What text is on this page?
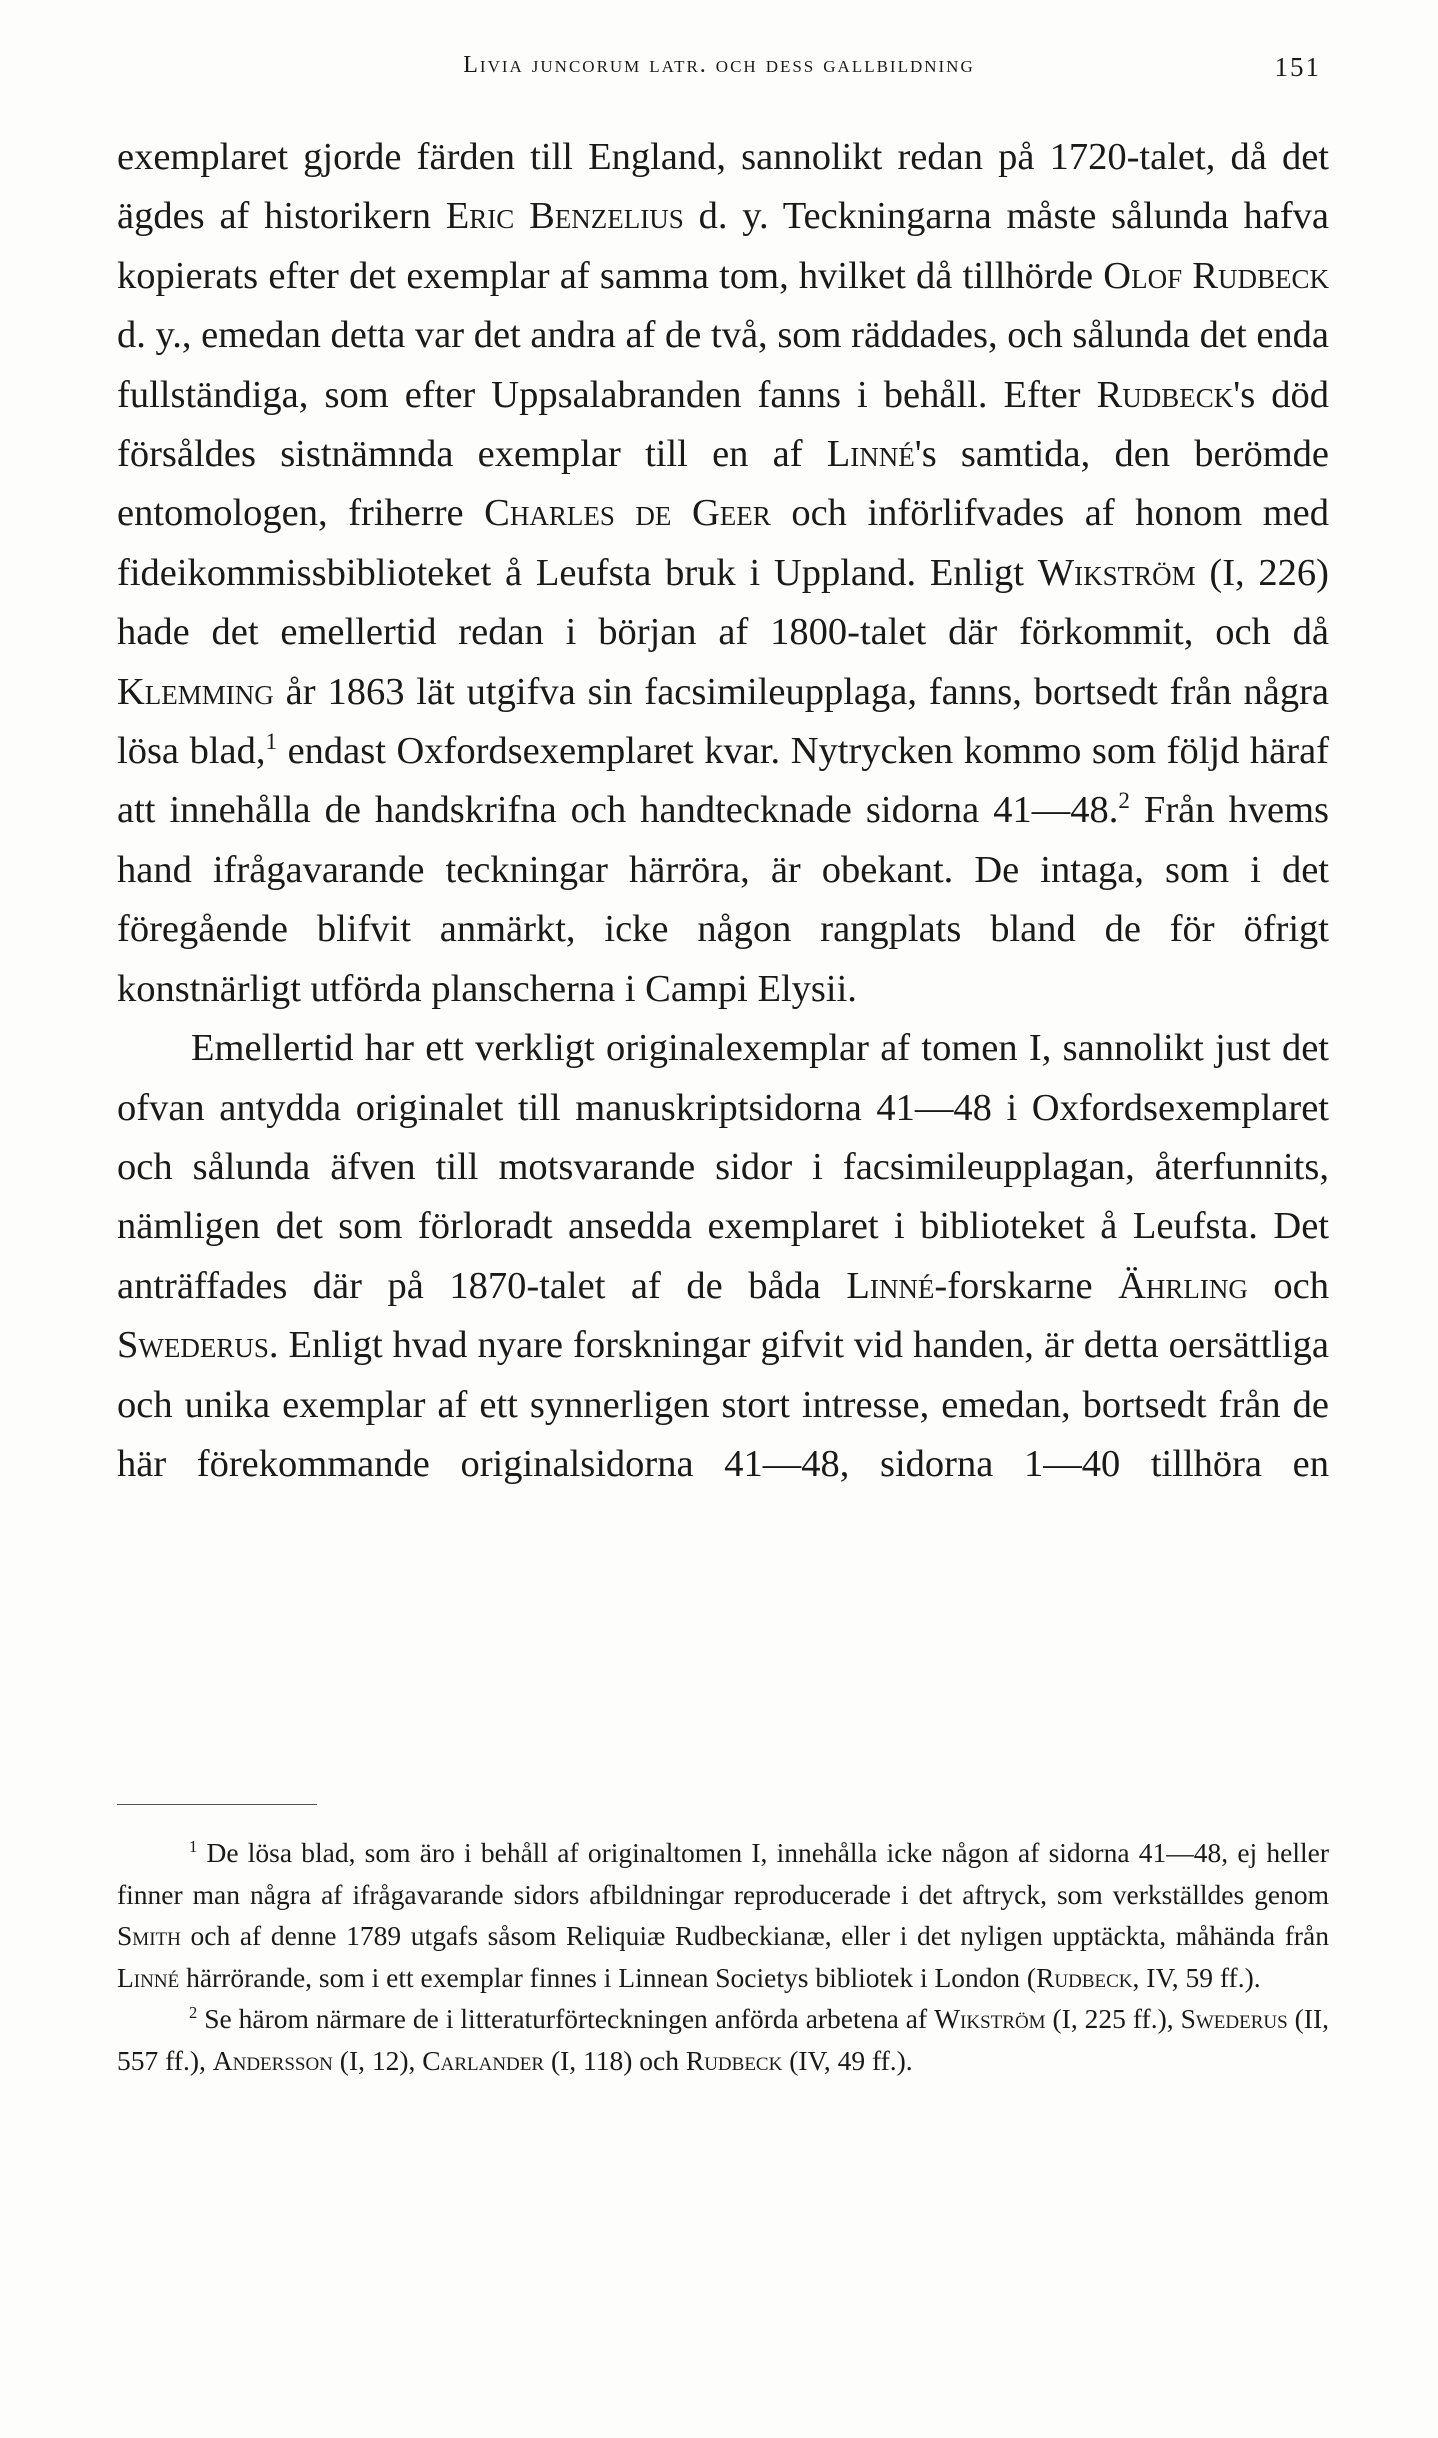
Livia juncorum latr. och dess gallbildning	151

exemplaret gjorde färden till England, sannolikt redan på 1720-talet, då det ägdes af historikern Eric Benzelius d. y. Teckningarna måste sålunda hafva kopierats efter det exemplar af samma tom, hvilket då tillhörde Olof Rudbeck d. y., emedan detta var det andra af de två, som räddades, och sålunda det enda fullständiga, som efter Uppsalabranden fanns i behåll. Efter Rudbeck's död försåldes sistnämnda exemplar till en af Linné's samtida, den berömde entomologen, friherre Charles de Geer och införlifvades af honom med fideikommissbiblioteket å Leufsta bruk i Uppland. Enligt Wikström (I, 226) hade det emellertid redan i början af 1800-talet där förkommit, och då Klemming år 1863 lät utgifva sin facsimileupplaga, fanns, bortsedt från några lösa blad,$^1$ endast Oxfordsexemplaret kvar. Nytrycken kommo som följd häraf att innehålla de handskrifna och handtecknade sidorna 41—48.$^2$ Från hvems hand ifrågavarande teckningar härröra, är obekant. De intaga, som i det föregående blifvit anmärkt, icke någon rangplats bland de för öfrigt konstnärligt utförda planscherna i Campi Elysii.

Emellertid har ett verkligt originalexemplar af tomen I, sannolikt just det ofvan antydda originalet till manuskriptsidorna 41—48 i Oxfordsexemplaret och sålunda äfven till motsvarande sidor i facsimileupplagan, återfunnits, nämligen det som förloradt ansedda exemplaret i biblioteket å Leufsta. Det anträffades där på 1870-talet af de båda Linné-forskarne Ährling och Swederus. Enligt hvad nyare forskningar gifvit vid handen, är detta oersättliga och unika exemplar af ett synnerligen stort intresse, emedan, bortsedt från de här förekommande originalsidorna 41—48, sidorna 1—40 tillhöra en

$^1$ De lösa blad, som äro i behåll af originaltomen I, innehålla icke någon af sidorna 41—48, ej heller finner man några af ifrågavarande sidors afbildningar reproducerade i det aftryck, som verkställdes genom Smith och af denne 1789 utgafs såsom Reliquiæ Rudbeckianæ, eller i det nyligen upptäckta, måhända från Linné härrörande, som i ett exemplar finnes i Linnean Societys bibliotek i London (Rudbeck, IV, 59 ff.).

$^2$ Se härom närmare de i litteraturförteckningen anförda arbetena af Wikström (I, 225 ff.), Swederus (II, 557 ff.), Andersson (I, 12), Carlander (I, 118) och Rudbeck (IV, 49 ff.).
